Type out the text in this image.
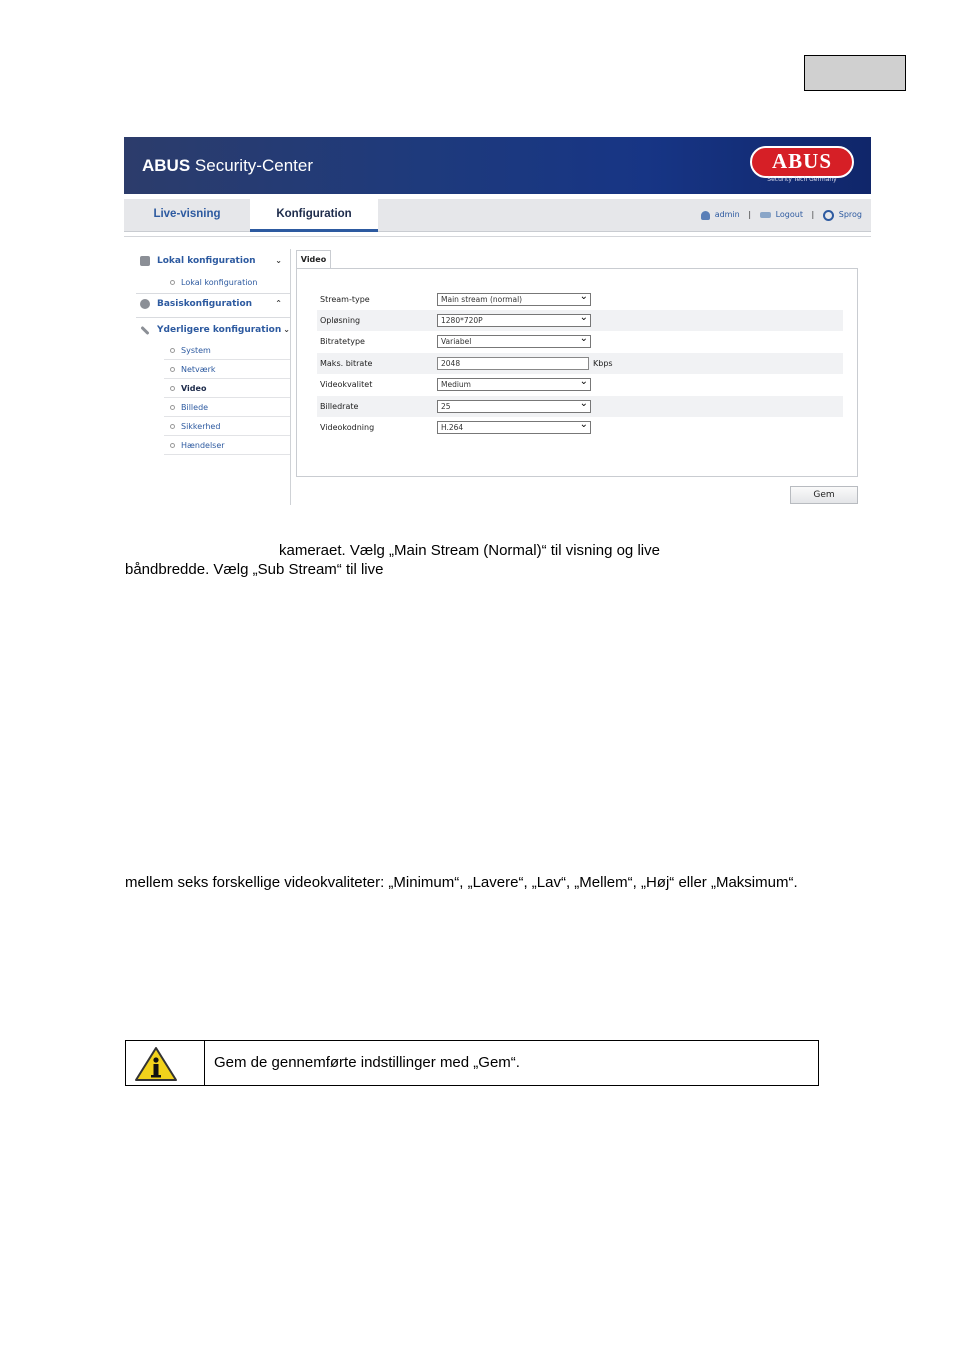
ABUS Security-Center	ABUS
Security Tech Germany
Live-visning	Konfiguration	admin |	Logout |	Sprog
Lokal konfiguration ⌄
Lokal konfiguration
Basiskonfiguration	⌃
Yderligere konfiguration ⌄
System
Netværk
Video
Billede
Sikkerhed
Hændelser
Video
Stream-type	Main stream (normal) ⌄
Opløsning	1280*720P ⌄
Bitratetype	Variabel ⌄
Maks. bitrate	2048	Kbps
Videokvalitet	Medium ⌄
Billedrate	25 ⌄
Videokodning	H.264 ⌄
Gem
kameraet. Vælg „Main Stream (Normal)“ til visning og live
båndbredde. Vælg „Sub Stream“ til live
mellem seks forskellige videokvaliteter: „Minimum“, „Lavere“, „Lav“, „Mellem“, „Høj“ eller „Maksimum“.
Gem de gennemførte indstillinger med „Gem“.
